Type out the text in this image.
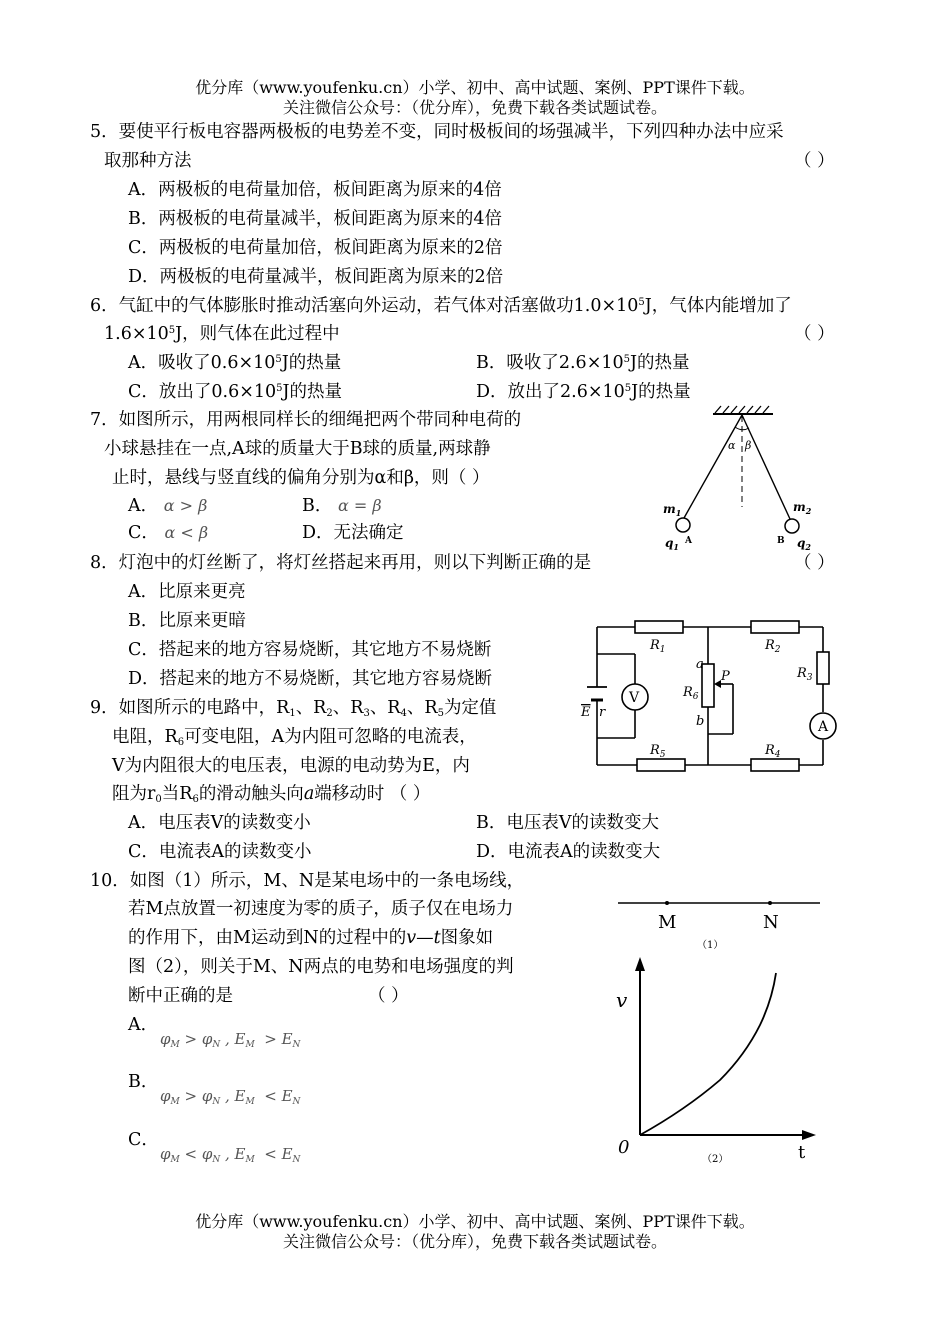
优分库（www.youfenku.cn）小学、初中、高中试题、案例、PPT课件下载。
关注微信公众号：（优分库），免费下载各类试题试卷。
5．要使平行板电容器两极板的电势差不变，同时极板间的场强减半，下列四种办法中应采
取那种方法	（ ）
A．两极板的电荷量加倍，板间距离为原来的4倍
B．两极板的电荷量减半，板间距离为原来的4倍
C．两极板的电荷量加倍，板间距离为原来的2倍
D．两极板的电荷量减半，板间距离为原来的2倍
6．气缸中的气体膨胀时推动活塞向外运动，若气体对活塞做功$1.0\times 10^5J$，气体内能增加了
$1.6\times 10^5J$，则气体在此过程中	（ ）
A．吸收了$0.6\times 10^5J$的热量	B．吸收了$2.6\times 10^5J$的热量
C．放出了$0.6\times 10^5J$的热量	D．放出了$2.6\times 10^5J$的热量
7．如图所示，用两根同样长的细绳把两个带同种电荷的
小球悬挂在一点,A球的质量大于B球的质量,两球静
止时，悬线与竖直线的偏角分别为α和β，则（ ）
A． α > β	B． α = β
C． α < β	D．无法确定
α β
$m_1$	$m_2$
$q_1$
A	B $q_2$
8．灯泡中的灯丝断了，将灯丝搭起来再用，则以下判断正确的是	（ ）
A．比原来更亮
B．比原来更暗
C．搭起来的地方容易烧断，其它地方不易烧断
D．搭起来的地方不易烧断，其它地方容易烧断
V
A
$R_1$	$R_2$
$R_3$
$R_4$
$R_5$
$R_6$
a
b
P
E r
9．如图所示的电路中，$R_1$、$R_2$、$R_3$、$R_4$、$R_5$为定值
电阻，$R_6$可变电阻，A为内阻可忽略的电流表，
V为内阻很大的电压表，电源的电动势为E，内
阻为$r_0$当$R_6$的滑动触头向a端移动时 （ ）
A．电压表V的读数变小	B．电压表V的读数变大
C．电流表A的读数变小	D．电流表A的读数变大
10．如图（1）所示，M、N是某电场中的一条电场线，
若M点放置一初速度为零的质子，质子仅在电场力
的作用下，由M运动到N的过程中的v—t图象如
图（2），则关于M、N两点的电势和电场强度的判
断中正确的是	（ ）
A．
$\varphi_M > \varphi_N$ , $E_M > E_N$
B．
$\varphi_M > \varphi_N$ , $E_M < E_N$
C．
$\varphi_M < \varphi_N$ , $E_M < E_N$
M	N
（1）
v
t
0
（2）
优分库（www.youfenku.cn）小学、初中、高中试题、案例、PPT课件下载。
关注微信公众号：（优分库），免费下载各类试题试卷。
